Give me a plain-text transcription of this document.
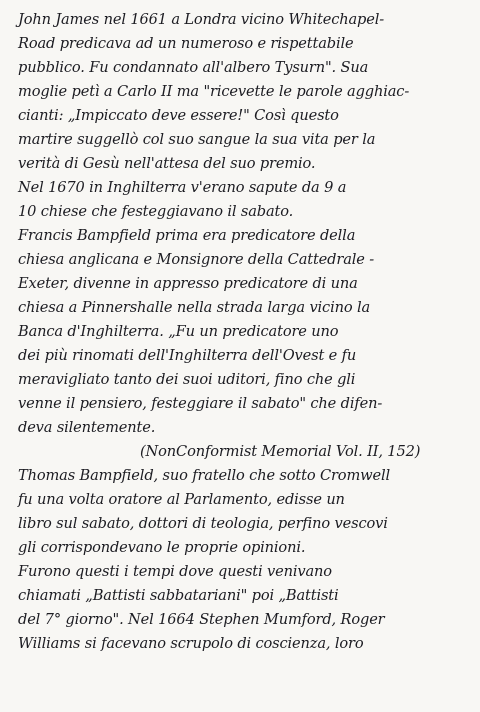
John James nel 1661 a Londra vicino Whitechapel-
Road predicava ad un numeroso e rispettabile
pubblico. Fu condannato all'albero Tysurn". Sua
moglie petì a Carlo II ma "ricevette le parole agghiac-
cianti: „Impiccato deve essere!" Così questo
martire suggellò col suo sangue la sua vita per la
verità di Gesù nell'attesa del suo premio.
Nel 1670 in Inghilterra v'erano sapute da 9 a
10 chiese che festeggiavano il sabato.
Francis Bampfield prima era predicatore della
chiesa anglicana e Monsignore della Cattedrale -
Exeter, divenne in appresso predicatore di una
chiesa a Pinnershalle nella strada larga vicino la
Banca d'Inghilterra. „Fu un predicatore uno
dei più rinomati dell'Inghilterra dell'Ovest e fu
meravigliato tanto dei suoi uditori, fino che gli
venne il pensiero, festeggiare il sabato" che difen-
deva silentemente.
(NonConformist Memorial Vol. II, 152)
Thomas Bampfield, suo fratello che sotto Cromwell
fu una volta oratore al Parlamento, edisse un
libro sul sabato, dottori di teologia, perfino vescovi
gli corrispondevano le proprie opinioni.
Furono questi i tempi dove questi venivano
chiamati „Battisti sabbatariani" poi „Battisti
del 7° giorno". Nel 1664 Stephen Mumford, Roger
Williams si facevano scrupolo di coscienza, loro
